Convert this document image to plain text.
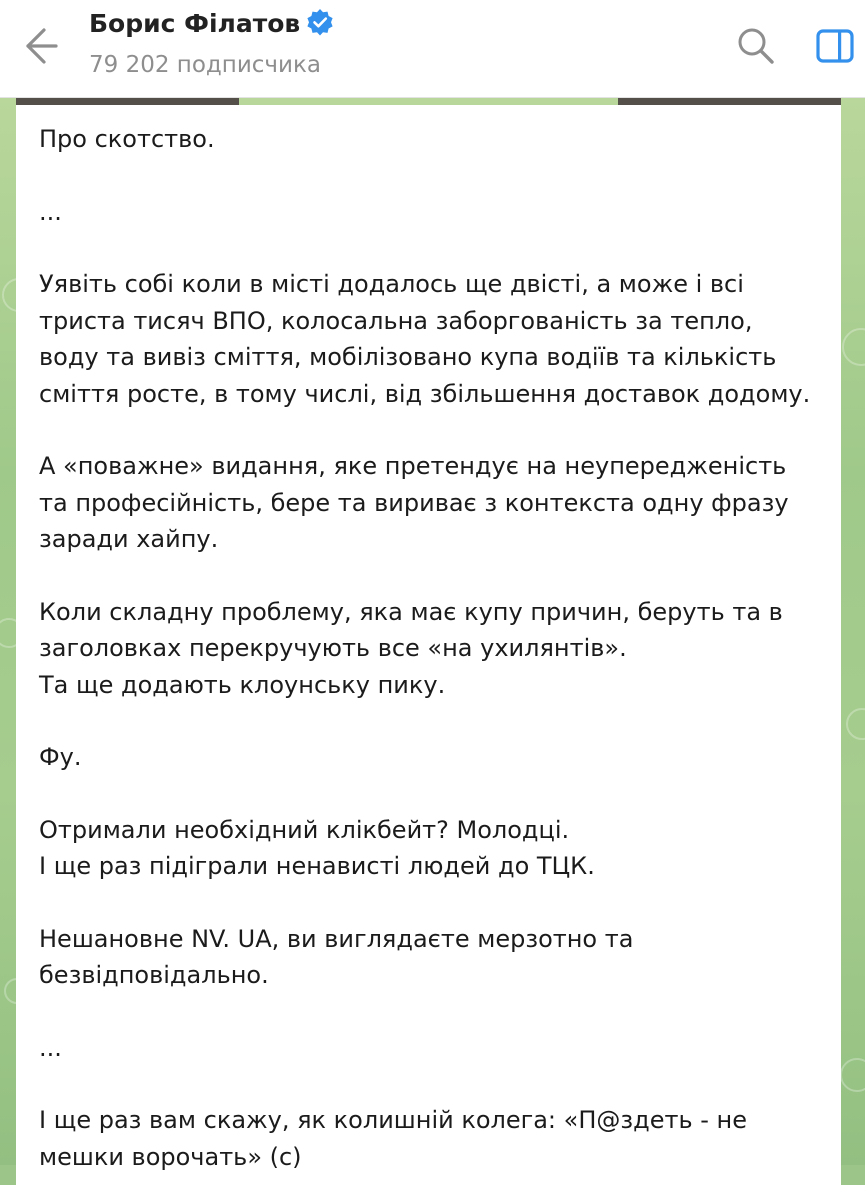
Борис Філатов
79 202 подписчика

Про скотство.

...

Уявіть собі коли в місті додалось ще двісті, а може і всі триста тисяч ВПО, колосальна заборгованість за тепло, воду та вивіз сміття, мобілізовано купа водіїв та кількість сміття росте, в тому числі, від збільшення доставок додому.

А «поважне» видання, яке претендує на неупередженість та професійність, бере та вириває з контекста одну фразу заради хайпу.

Коли складну проблему, яка має купу причин, беруть та в заголовках перекручують все «на ухилянтів».
Та ще додають клоунську пику.

Фу.

Отримали необхідний клікбейт? Молодці.
І ще раз підіграли ненависті людей до ТЦК.

Нешановне NV. UA, ви виглядаєте мерзотно та безвідповідально.

...

І ще раз вам скажу, як колишній колега: «П@здеть - не мешки ворочать» (с)
